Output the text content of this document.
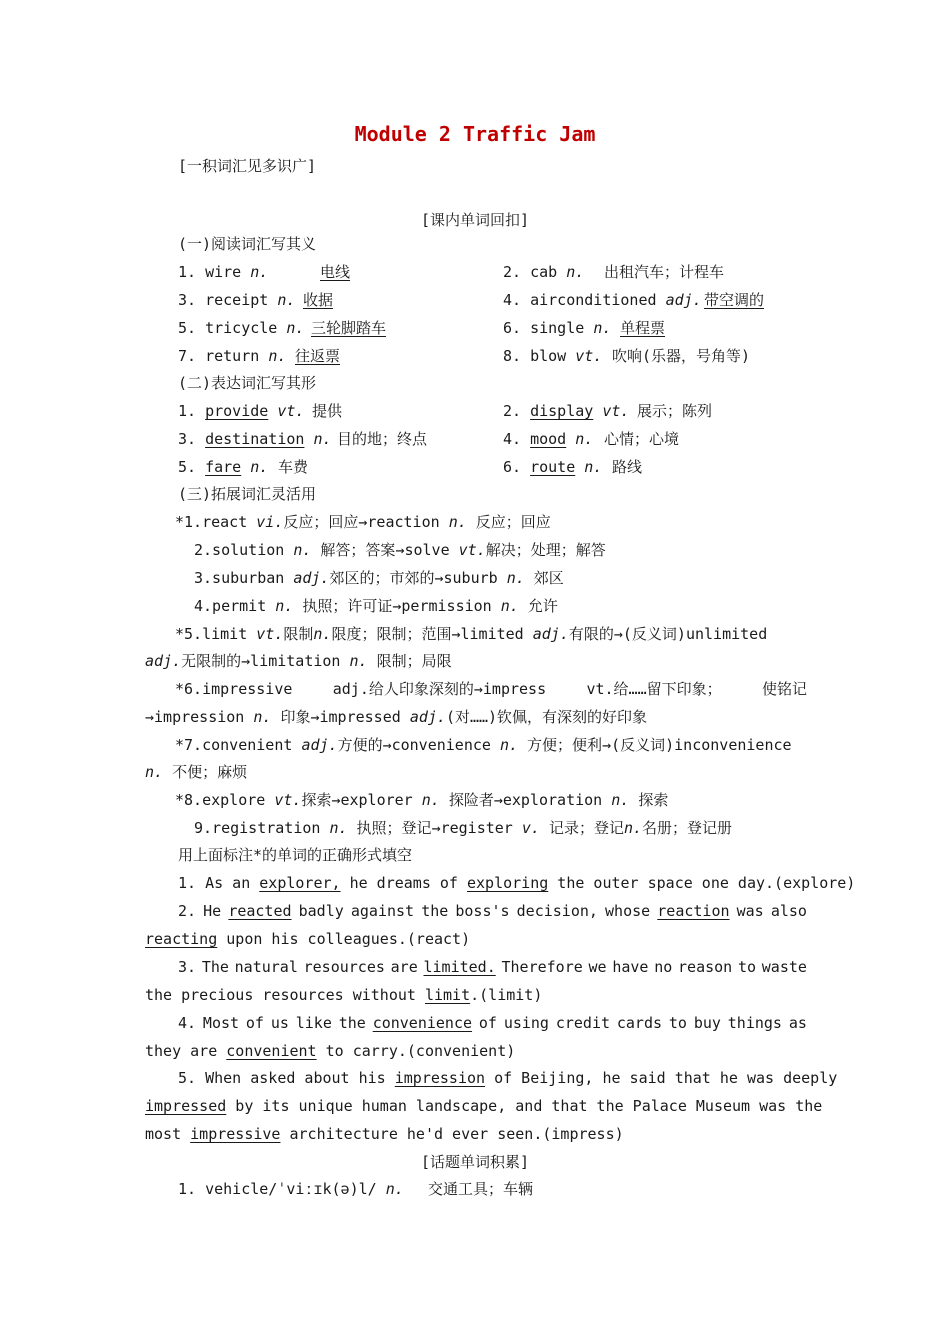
Module 2 Traffic Jam
[一积词汇见多识广]
[课内单词回扣]
(一)阅读词汇写其义
1. wire n.	电线	2. cab n. 出租汽车；计程车
3. receipt n. 收据	4. airconditioned adj. 带空调的
5. tricycle n. 三轮脚踏车	6. single n. 单程票
7. return n. 往返票	8. blow vt. 吹响(乐器，号角等)
(二)表达词汇写其形
1. provide vt. 提供	2. display vt. 展示；陈列
3. destination n. 目的地；终点	4. mood n. 心情；心境
5. fare n. 车费	6. route n. 路线
(三)拓展词汇灵活用
*1.react vi.反应；回应→reaction n. 反应；回应
2.solution n. 解答；答案→solve vt.解决；处理；解答
3.suburban adj.郊区的；市郊的→suburb n. 郊区
4.permit n. 执照；许可证→permission n. 允许
*5.limit vt.限制n.限度；限制；范围→limited adj.有限的→(反义词)unlimited
adj.无限制的→limitation n. 限制；局限
*6.impressive	adj.给人印象深刻的→impress	vt.给……留下印象；	使铭记
→impression n. 印象→impressed adj.(对……)钦佩，有深刻的好印象
*7.convenient adj.方便的→convenience n. 方便；便利→(反义词)inconvenience
n. 不便；麻烦
*8.explore vt.探索→explorer n. 探险者→exploration n. 探索
9.registration n. 执照；登记→register v. 记录；登记n.名册；登记册
用上面标注*的单词的正确形式填空
1. As an explorer, he dreams of exploring the outer space one day.(explore)
2. He reacted badly against the boss's decision, whose reaction was also
reacting upon his colleagues.(react)
3. The natural resources are limited. Therefore we have no reason to waste
the precious resources without limit.(limit)
4. Most of us like the convenience of using credit cards to buy things as
they are convenient to carry.(convenient)
5. When asked about his impression of Beijing, he said that he was deeply
impressed by its unique human landscape, and that the Palace Museum was the
most impressive architecture he'd ever seen.(impress)
[话题单词积累]
1. vehicle/ˈviːɪk(ə)l/ n. 交通工具；车辆
